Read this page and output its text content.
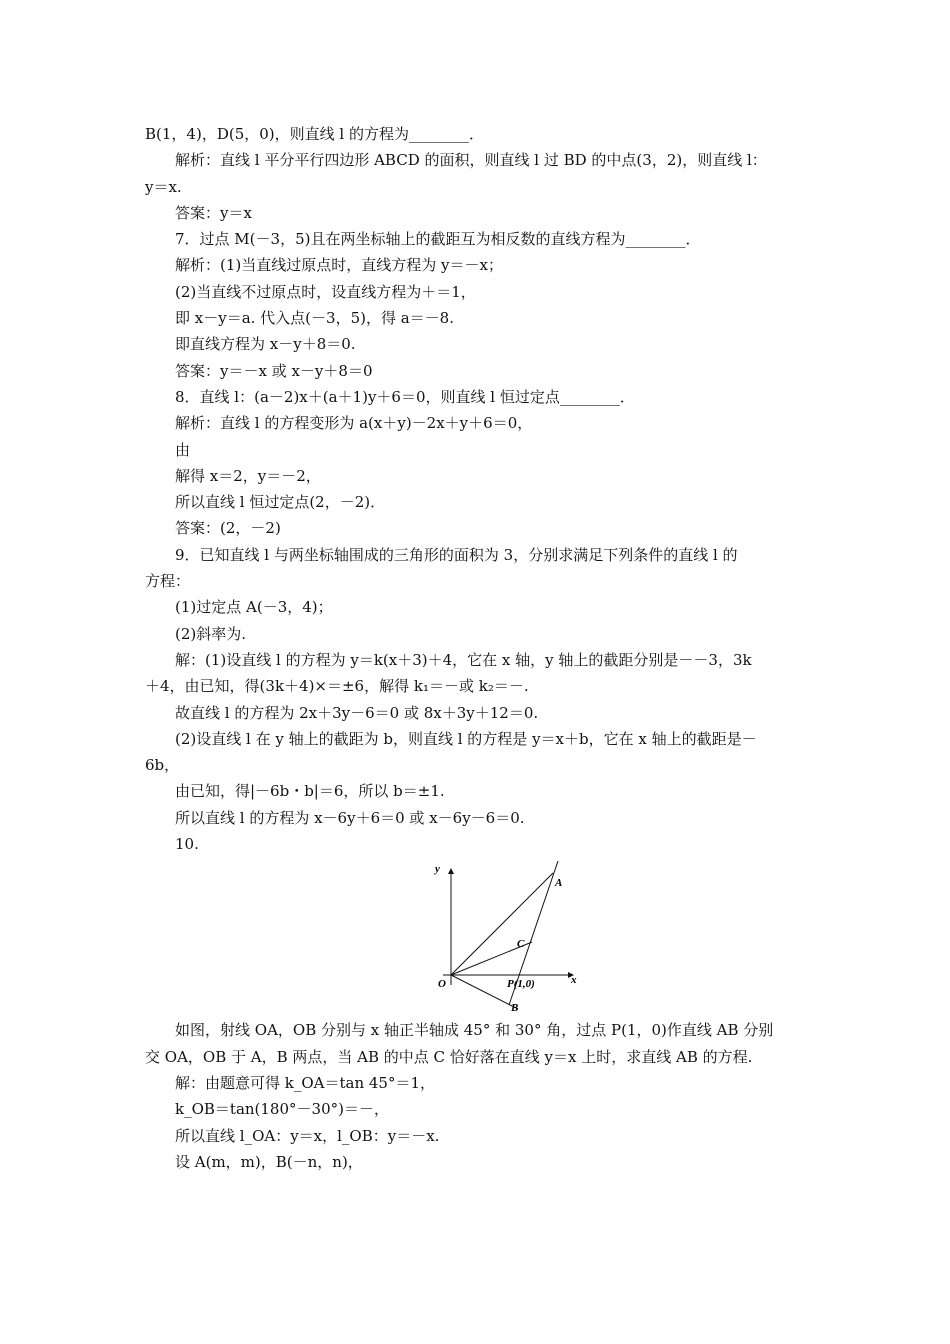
B(1，4)，D(5，0)，则直线 l 的方程为________．
解析：直线 l 平分平行四边形 ABCD 的面积，则直线 l 过 BD 的中点(3，2)，则直线 l：
y＝x.
答案：y＝x
7．过点 M(－3，5)且在两坐标轴上的截距互为相反数的直线方程为________．
解析：(1)当直线过原点时，直线方程为 y＝－x；
(2)当直线不过原点时，设直线方程为＋＝1，
即 x－y＝a. 代入点(－3，5)，得 a＝－8.
即直线方程为 x－y＋8＝0.
答案：y＝－x 或 x－y＋8＝0
8．直线 l：(a－2)x＋(a＋1)y＋6＝0，则直线 l 恒过定点________．
解析：直线 l 的方程变形为 a(x＋y)－2x＋y＋6＝0，
由
解得 x＝2，y＝－2，
所以直线 l 恒过定点(2，－2)．
答案：(2，－2)
9．已知直线 l 与两坐标轴围成的三角形的面积为 3，分别求满足下列条件的直线 l 的
方程：
(1)过定点 A(－3，4)；
(2)斜率为.
解：(1)设直线 l 的方程为 y＝k(x＋3)＋4，它在 x 轴，y 轴上的截距分别是－－3，3k
＋4，由已知，得(3k＋4)×＝±6，解得 k₁＝－或 k₂＝－.
故直线 l 的方程为 2x＋3y－6＝0 或 8x＋3y＋12＝0.
(2)设直线 l 在 y 轴上的截距为 b，则直线 l 的方程是 y＝x＋b，它在 x 轴上的截距是－
6b，
由已知，得|－6b・b|＝6，所以 b＝±1.
所以直线 l 的方程为 x－6y＋6＝0 或 x－6y－6＝0.
10.
y
x
O
A
C
B
P(1,0)
如图，射线 OA，OB 分别与 x 轴正半轴成 45° 和 30° 角，过点 P(1，0)作直线 AB 分别
交 OA，OB 于 A，B 两点，当 AB 的中点 C 恰好落在直线 y＝x 上时，求直线 AB 的方程.
解：由题意可得 k_OA＝tan 45°＝1，
k_OB＝tan(180°－30°)＝－，
所以直线 l_OA：y＝x，l_OB：y＝－x.
设 A(m，m)，B(－n，n)，
